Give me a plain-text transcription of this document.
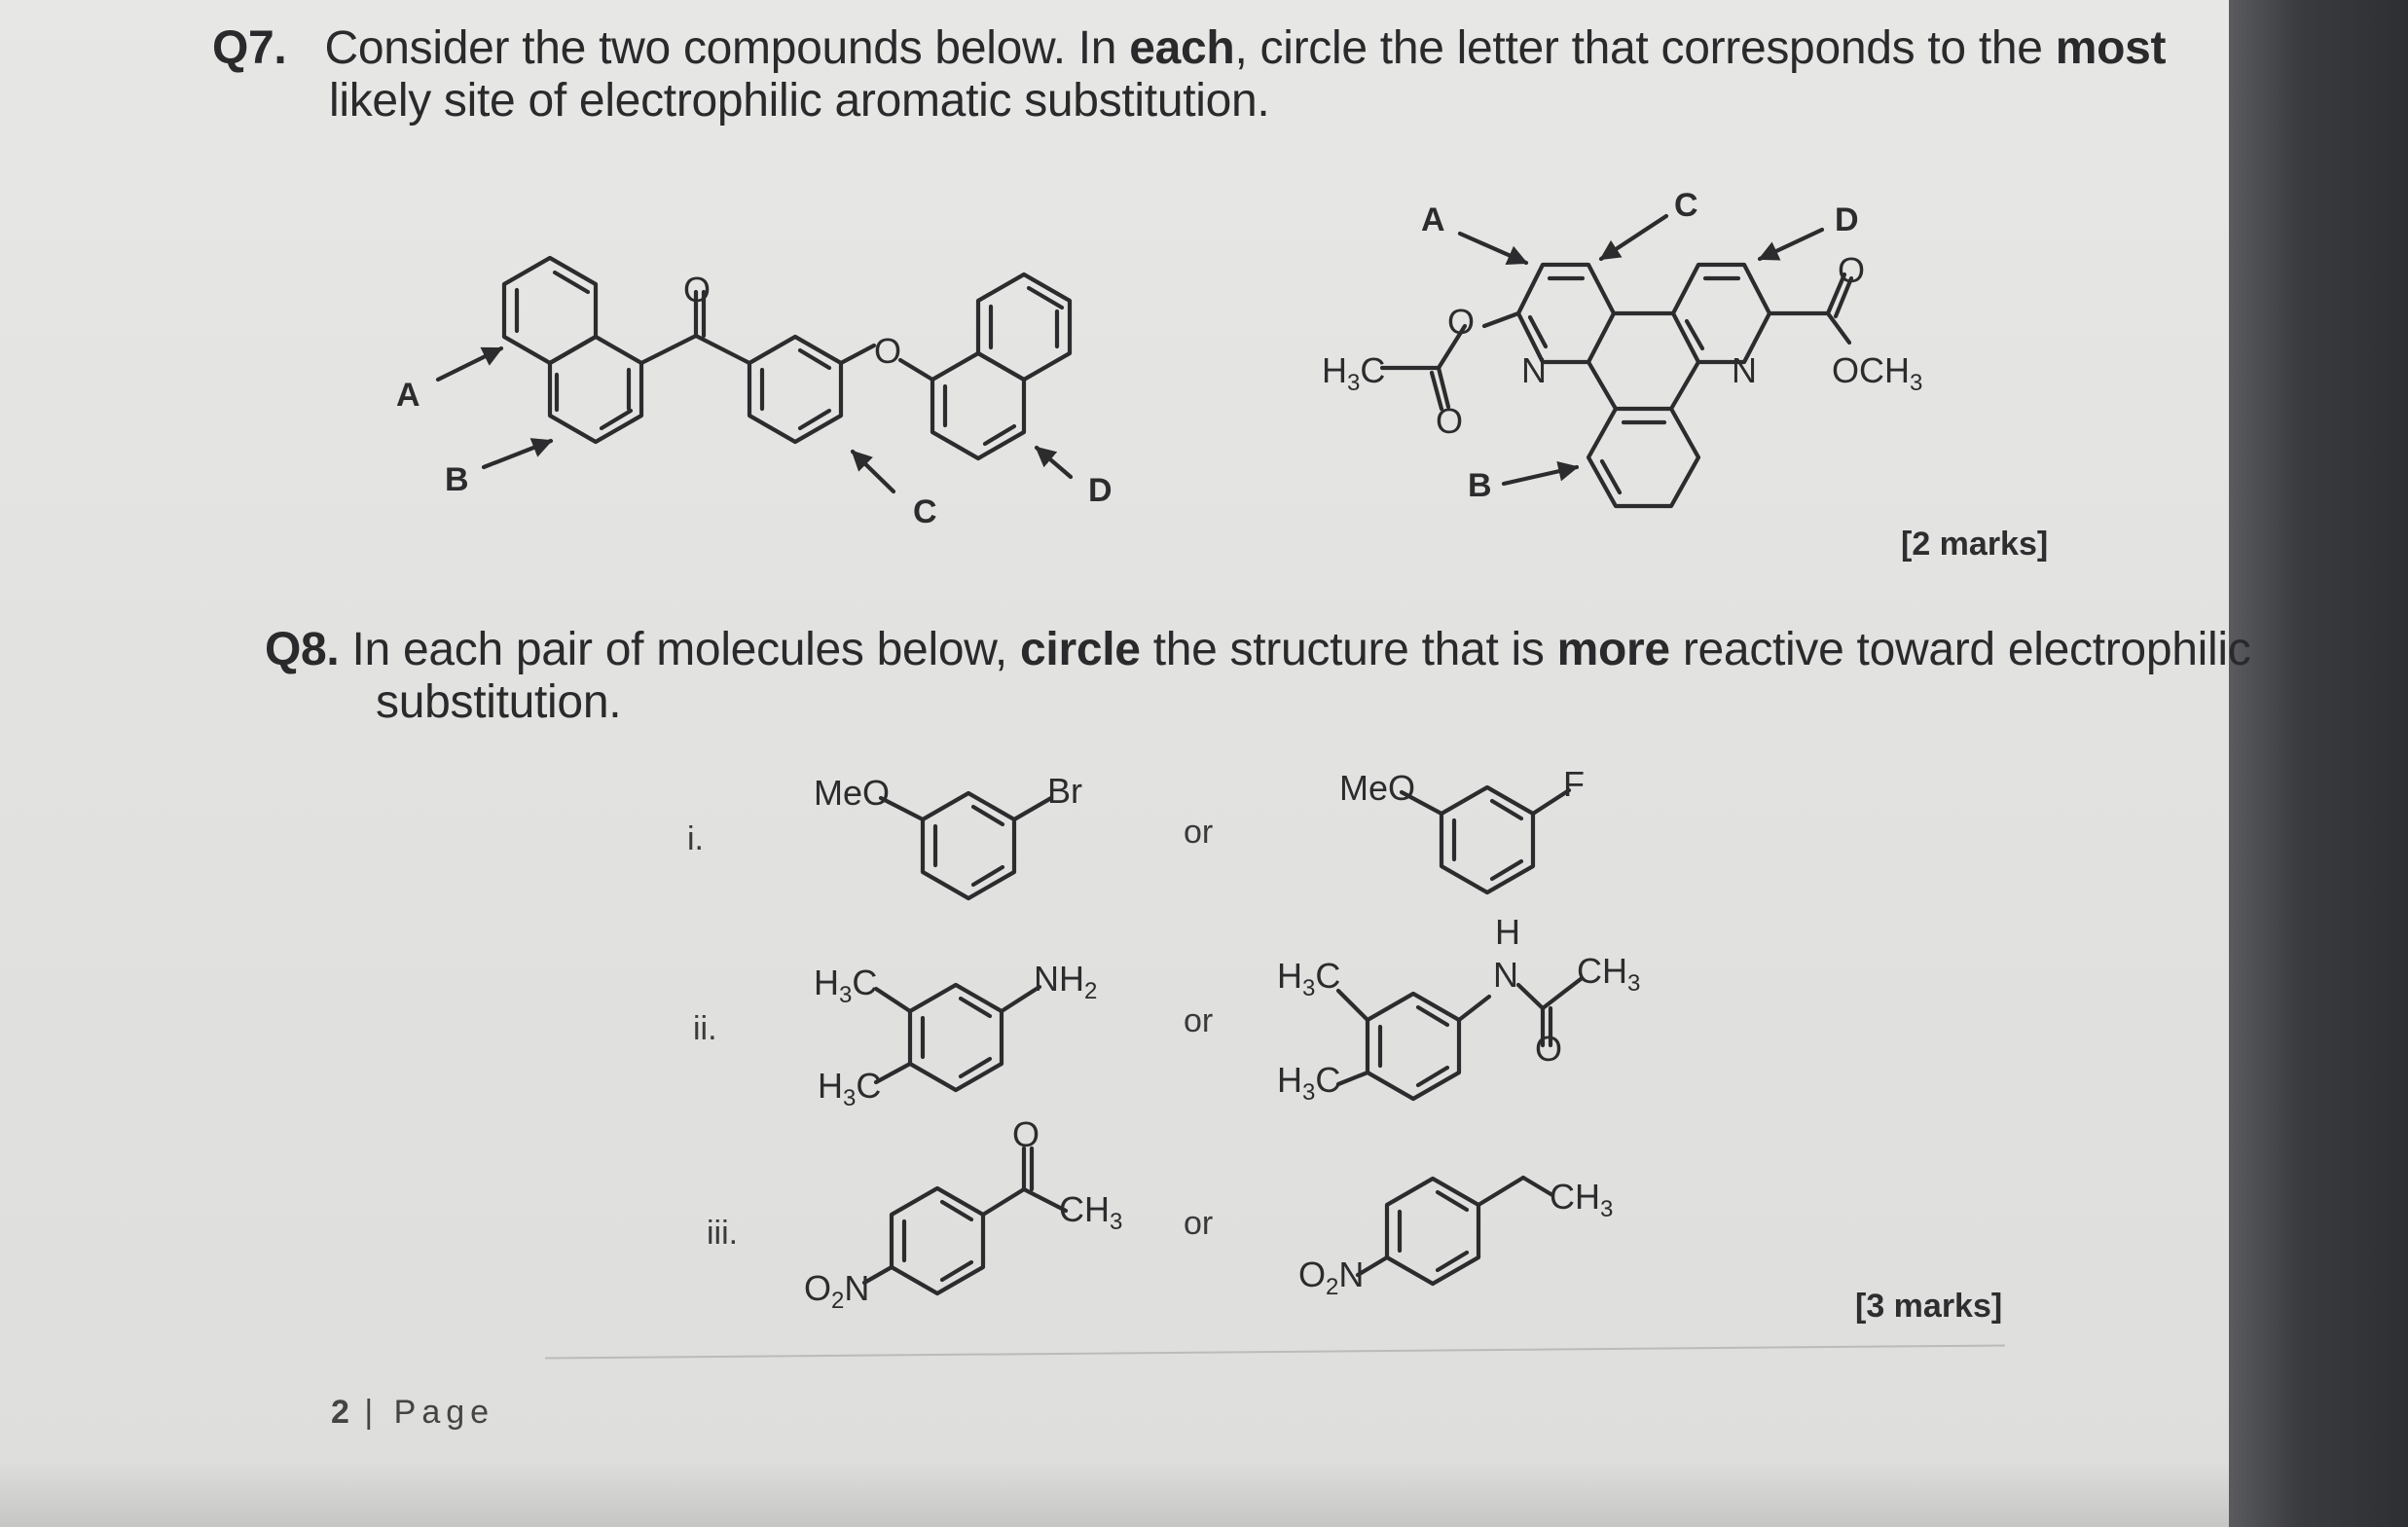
Q7. Consider the two compounds below. In each, circle the letter that corresponds to the most
likely site of electrophilic aromatic substitution.
[2 marks]
Q8. In each pair of molecules below, circle the structure that is more reactive toward electrophilic
substitution.
i.
ii.
iii.
or
or
or
[3 marks]
2 | Page
O
O
A
B
C
D
$H_3C$
O
O
N	N
O
$OCH_3$
A
B
C	D
MeO	Br	MeO	F
$H_3C$
$H_3C$
$NH_2$	$H_3C$
$H_3C$
H
N $CH_3$
O
$O_2N$
O
$CH_3$
$O_2N$
$CH_3$
